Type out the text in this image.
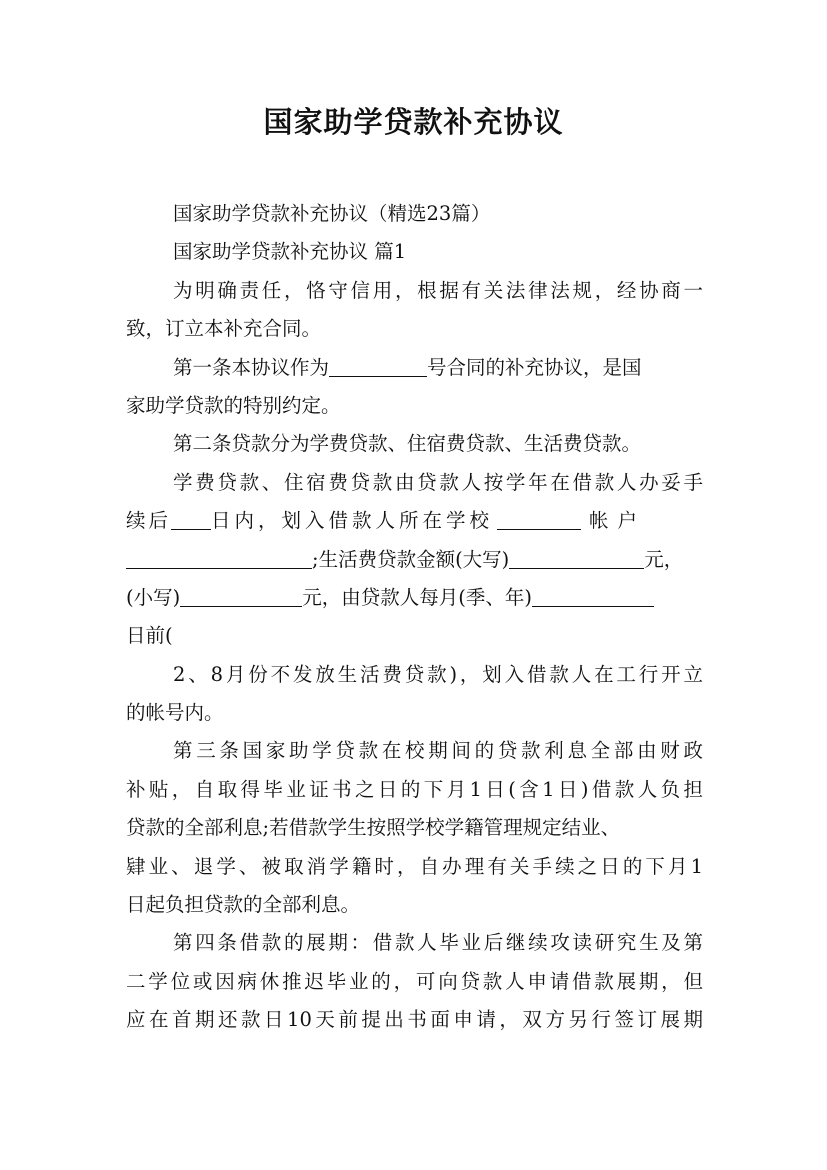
国家助学贷款补充协议
国家助学贷款补充协议（精选23篇）
国家助学贷款补充协议 篇1
为明确责任，恪守信用，根据有关法律法规，经协商一
致，订立本补充合同。
第一条本协议作为	号合同的补充协议，是国
家助学贷款的特别约定。
第二条贷款分为学费贷款、住宿费贷款、生活费贷款。
学费贷款、住宿费贷款由贷款人按学年在借款人办妥手
续后 日内，划入借款人所在学校	帐户
;生活费贷款金额(大写)	元，
(小写)	元，由贷款人每月(季、年)
日前(
2、8月份不发放生活费贷款)，划入借款人在工行开立
的帐号内。
第三条国家助学贷款在校期间的贷款利息全部由财政
补贴，自取得毕业证书之日的下月1日(含1日)借款人负担
贷款的全部利息;若借款学生按照学校学籍管理规定结业、
肄业、退学、被取消学籍时，自办理有关手续之日的下月1
日起负担贷款的全部利息。
第四条借款的展期：借款人毕业后继续攻读研究生及第
二学位或因病休推迟毕业的，可向贷款人申请借款展期，但
应在首期还款日10天前提出书面申请，双方另行签订展期
